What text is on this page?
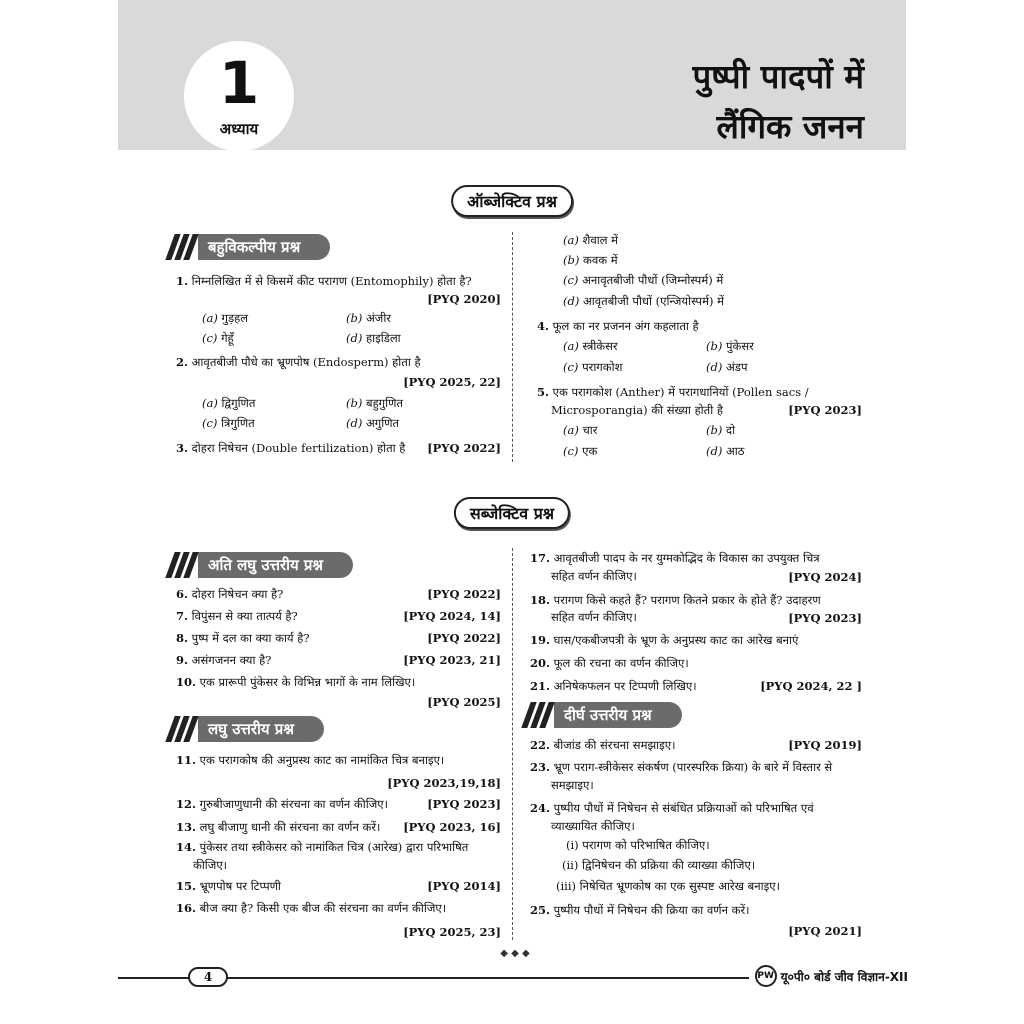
1
अध्याय
पुष्पी पादपों में
लैंगिक जनन
ऑब्जेक्टिव प्रश्न
बहुविकल्पीय प्रश्न
1. निम्नलिखित में से किसमें कीट परागण (Entomophily) होता है?
[PYQ 2020]
(a) गुड़हल	(b) अंजीर
(c) गेहूँ	(d) हाइडिला
2. आवृतबीजी पौधे का भ्रूणपोष (Endosperm) होता है
[PYQ 2025, 22]
(a) द्विगुणित	(b) बहुगुणित
(c) त्रिगुणित	(d) अगुणित
3. दोहरा निषेचन (Double fertilization) होता है [PYQ 2022]
(a) शैवाल में
(b) कवक में
(c) अनावृतबीजी पौधों (जिम्नोस्पर्म) में
(d) आवृतबीजी पौधों (एन्जियोस्पर्म) में
4. फूल का नर प्रजनन अंग कहलाता है
(a) स्त्रीकेसर	(b) पुंकेसर
(c) परागकोश	(d) अंडप
5. एक परागकोश (Anther) में परागधानियों (Pollen sacs /
Microsporangia) की संख्या होती है	[PYQ 2023]
(a) चार	(b) दो
(c) एक	(d) आठ
सब्जेक्टिव प्रश्न
अति लघु उत्तरीय प्रश्न
6. दोहरा निषेचन क्या है?	[PYQ 2022]
7. विपुंसन से क्या तात्पर्य है?	[PYQ 2024, 14]
8. पुष्प में दल का क्या कार्य है?	[PYQ 2022]
9. असंगजनन क्या है?	[PYQ 2023, 21]
10. एक प्रारूपी पुंकेसर के विभिन्न भागों के नाम लिखिए।
[PYQ 2025]
लघु उत्तरीय प्रश्न
11. एक परागकोष की अनुप्रस्थ काट का नामांकित चित्र बनाइए।
[PYQ 2023,19,18]
12. गुरुबीजाणुधानी की संरचना का वर्णन कीजिए।	[PYQ 2023]
13. लघु बीजाणु धानी की संरचना का वर्णन करें। [PYQ 2023, 16]
14. पुंकेसर तथा स्त्रीकेसर को नामांकित चित्र (आरेख) द्वारा परिभाषित
कीजिए।
15. भ्रूणपोष पर टिप्पणी	[PYQ 2014]
16. बीज क्या है? किसी एक बीज की संरचना का वर्णन कीजिए।
[PYQ 2025, 23]
17. आवृतबीजी पादप के नर युग्मकोद्भिद के विकास का उपयुक्त चित्र
सहित वर्णन कीजिए।	[PYQ 2024]
18. परागण किसे कहते हैं? परागण कितने प्रकार के होते हैं? उदाहरण
सहित वर्णन कीजिए।	[PYQ 2023]
19. घास/एकबीजपत्री के भ्रूण के अनुप्रस्थ काट का आरेख बनाएं
20. फूल की रचना का वर्णन कीजिए।
21. अनिषेकफलन पर टिप्पणी लिखिए।	[PYQ 2024, 22 ]
दीर्घ उत्तरीय प्रश्न
22. बीजांड की संरचना समझाइए।	[PYQ 2019]
23. भ्रूण पराग-स्त्रीकेसर संकर्षण (पारस्परिक क्रिया) के बारे में विस्तार से
समझाइए।
24. पुष्पीय पौधों में निषेचन से संबंधित प्रक्रियाओं को परिभाषित एवं
व्याख्यायित कीजिए।
(i) परागण को परिभाषित कीजिए।
(ii) द्विनिषेचन की प्रक्रिया की व्याख्या कीजिए।
(iii) निषेचित भ्रूणकोष का एक सुस्पष्ट आरेख बनाइए।
25. पुष्पीय पौधों में निषेचन की क्रिया का वर्णन करें।
[PYQ 2021]
◆ ◆ ◆
4	PW यू०पी० बोर्ड जीव विज्ञान-XII
